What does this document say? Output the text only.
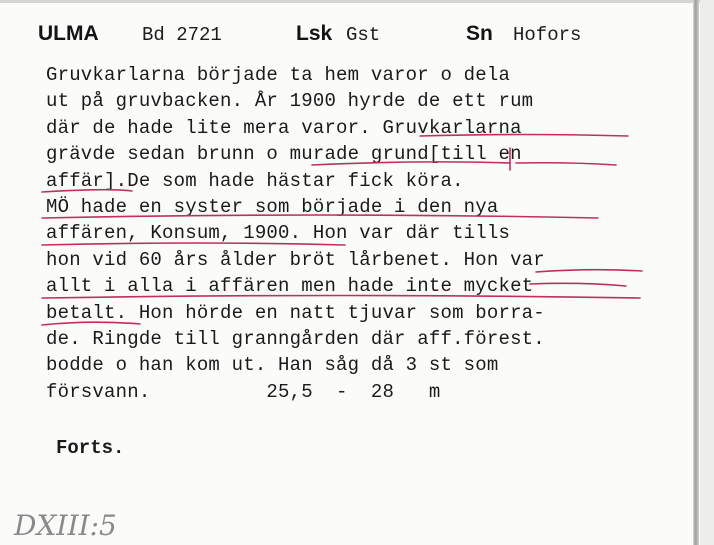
ULMA Bd 2721	Lsk Gst	Sn Hofors
Gruvkarlarna började ta hem varor o dela
ut på gruvbacken. År 1900 hyrde de ett rum
där de hade lite mera varor. Gruvkarlarna
grävde sedan brunn o murade grund[till en
affär].De som hade hästar fick köra.
MÖ hade en syster som började i den nya
affären, Konsum, 1900. Hon var där tills
hon vid 60 års ålder bröt lårbenet. Hon var
allt i alla i affären men hade inte mycket
betalt. Hon hörde en natt tjuvar som borra-
de. Ringde till granngården där aff.förest.
bodde o han kom ut. Han såg då 3 st som
försvann.          25,5  -  28   m
Forts.
DXIII:5
